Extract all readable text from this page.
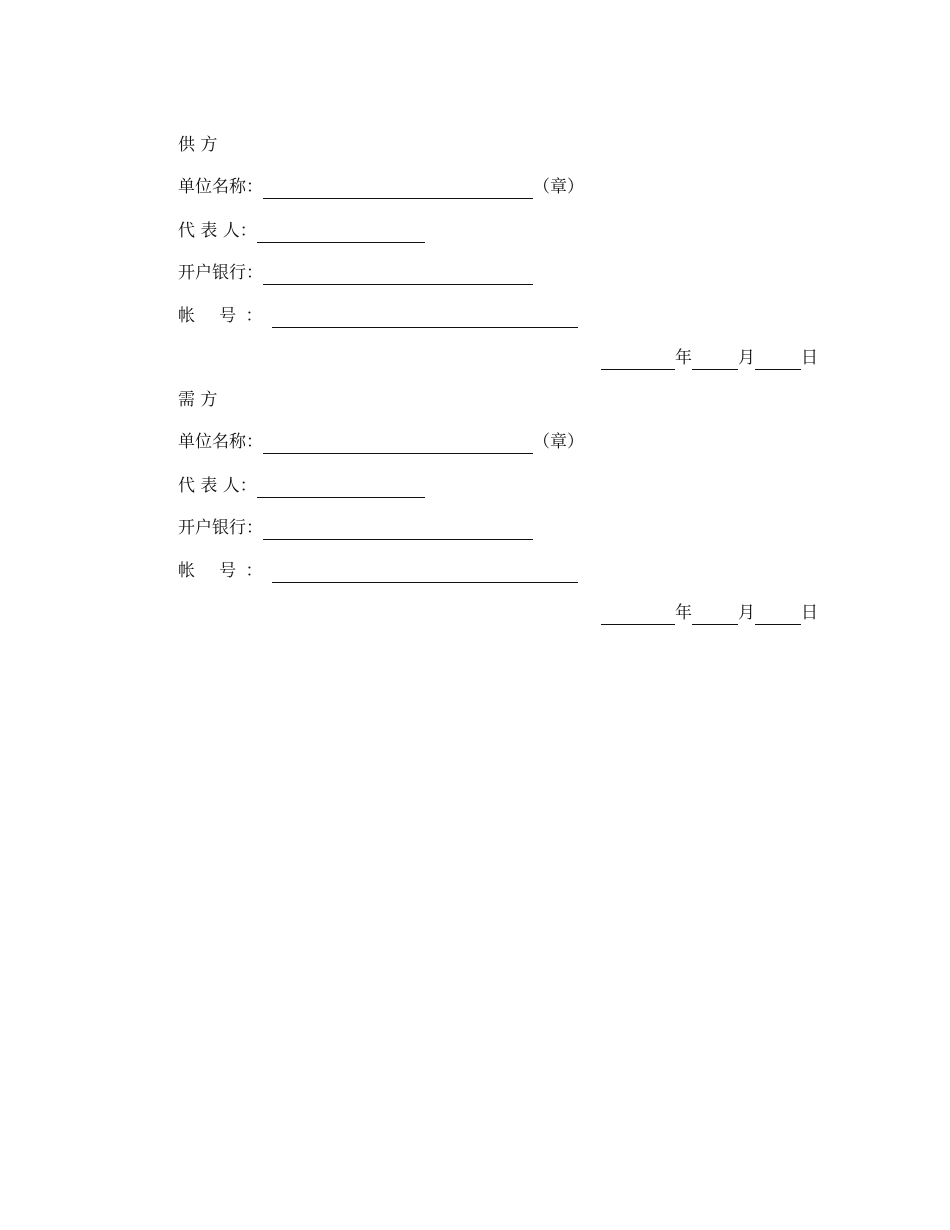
供 方
单位名称：	（章）
代 表 人：
开户银行：
帐 号：
年	月	日
需 方
单位名称：	（章）
代 表 人：
开户银行：
帐 号：
年	月	日
